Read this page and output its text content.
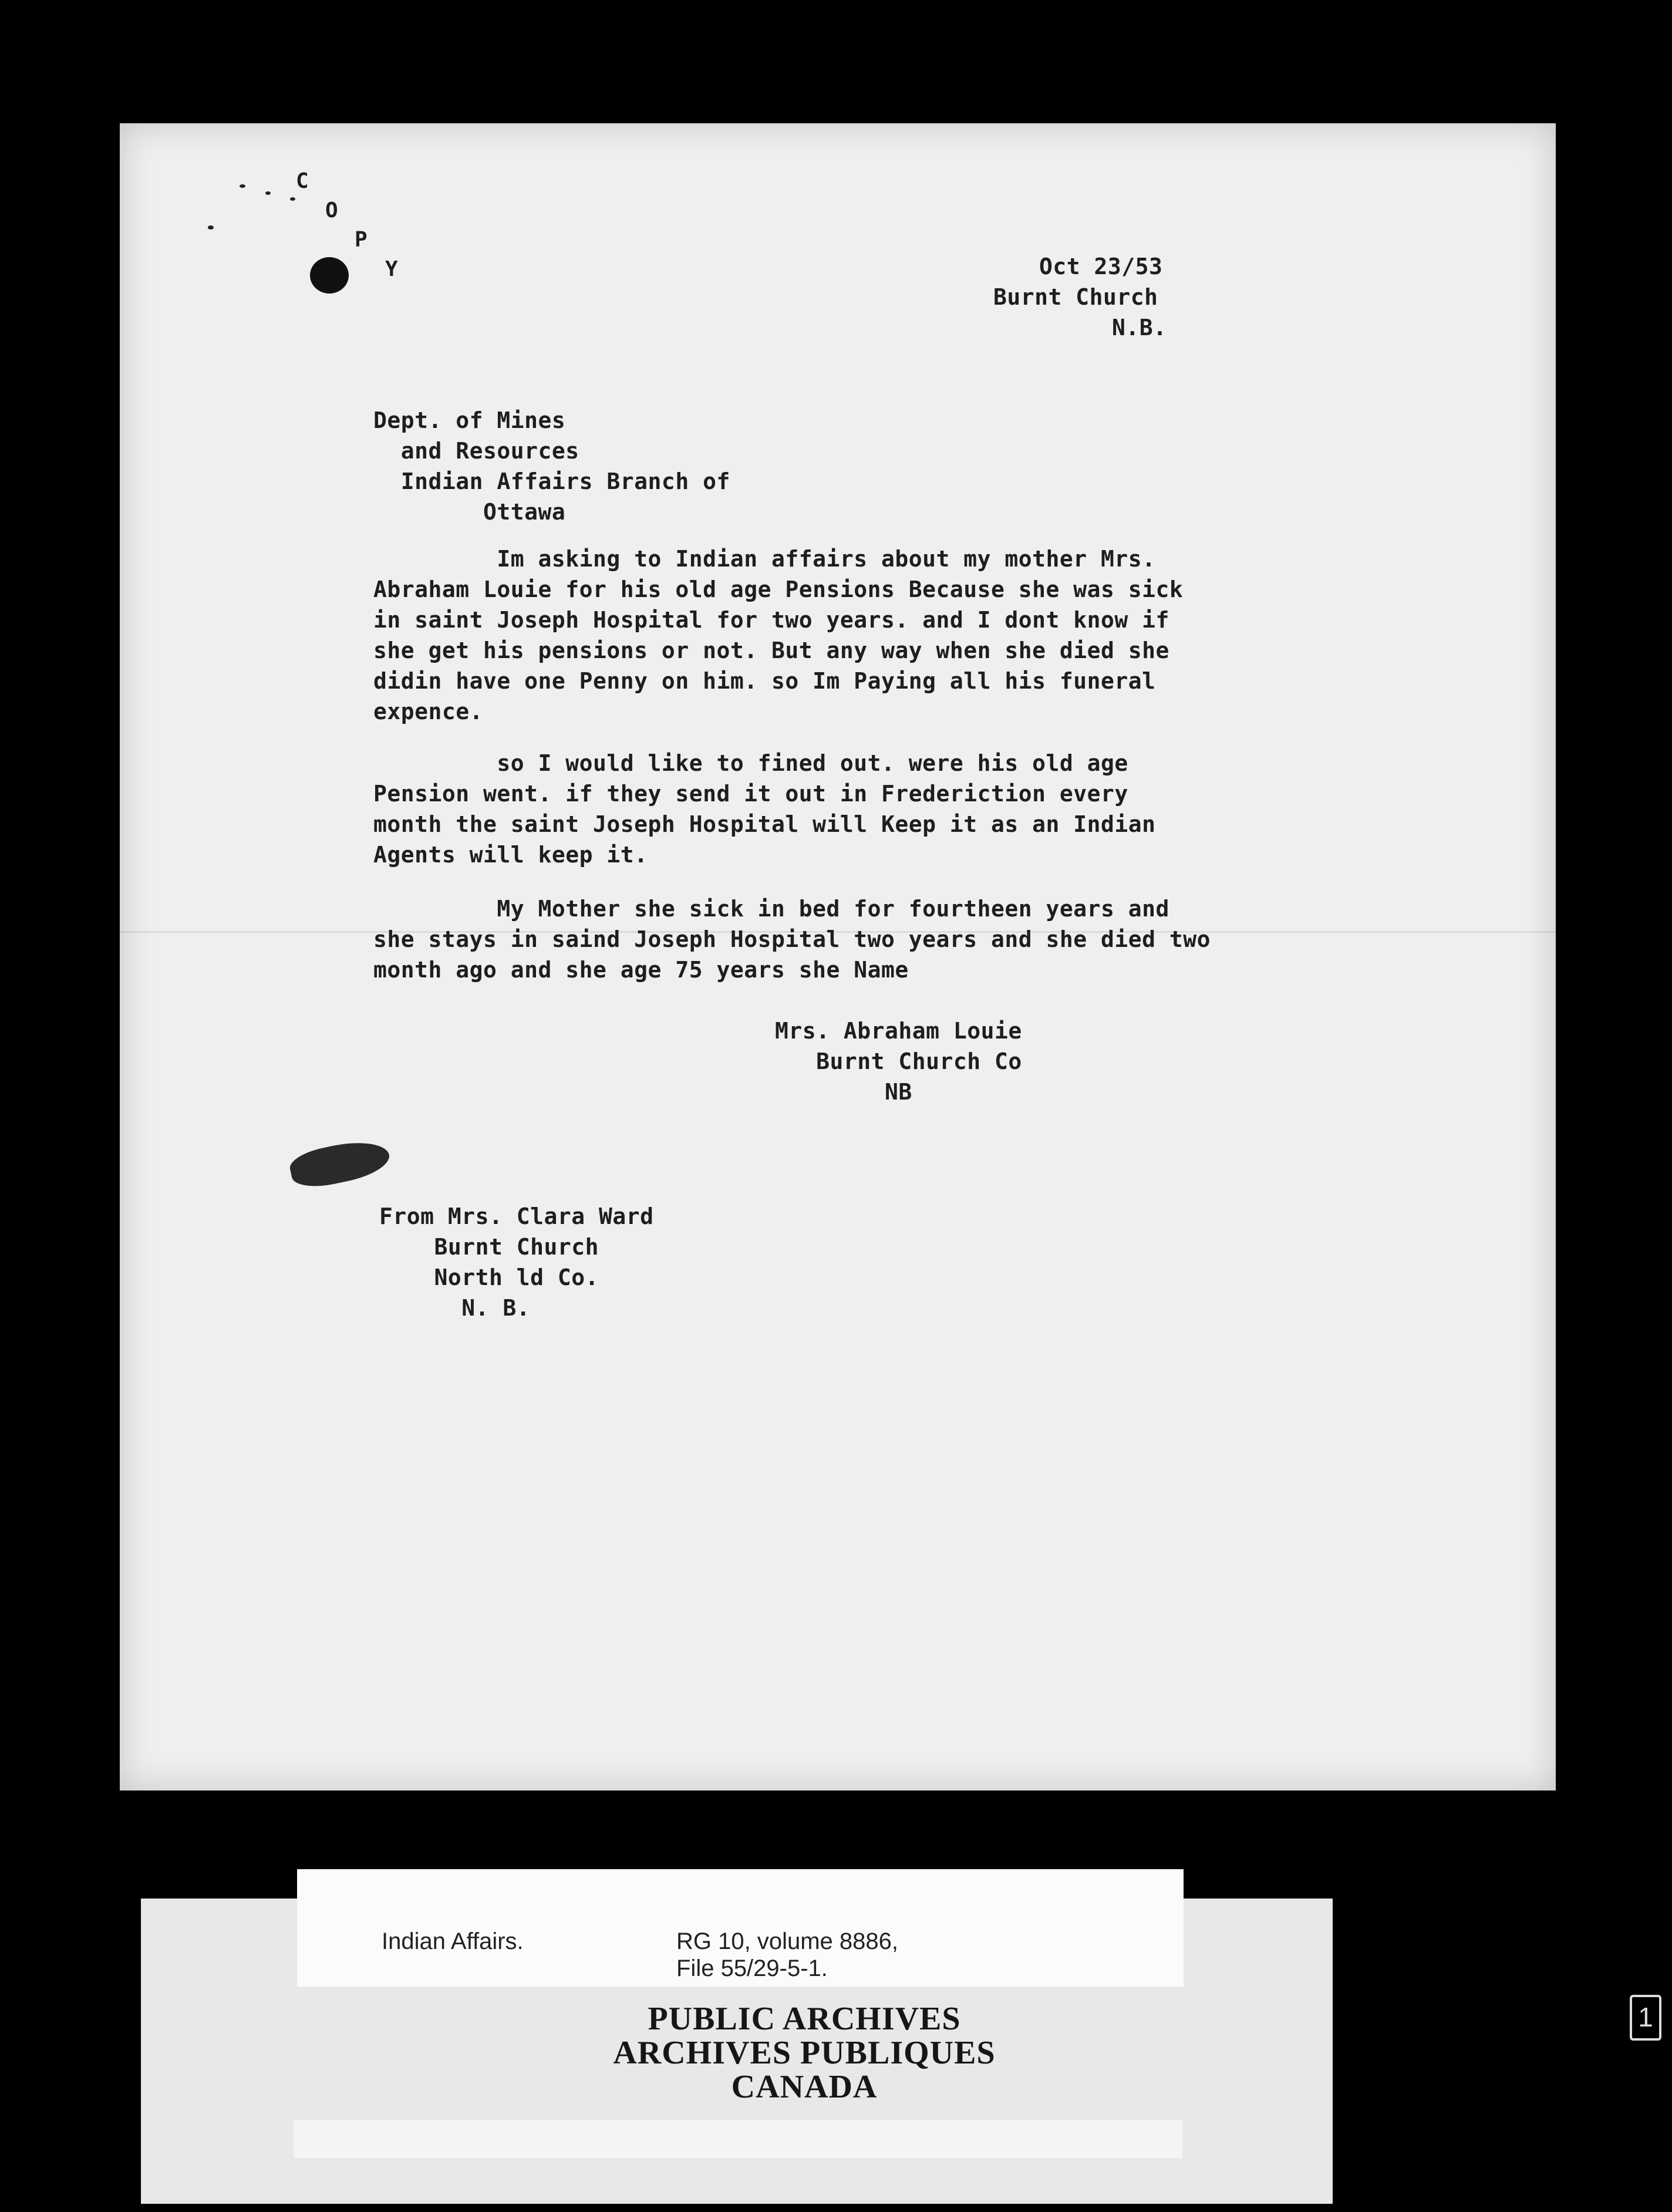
C
O
P
Y	Oct 23/53
Burnt Church
N.B.
Dept. of Mines
and Resources
Indian Affairs Branch of
Ottawa
Im asking to Indian affairs about my mother Mrs.
Abraham Louie for his old age Pensions Because she was sick
in saint Joseph Hospital for two years. and I dont know if
she get his pensions or not. But any way when she died she
didin have one Penny on him. so Im Paying all his funeral
expence.
so I would like to fined out. were his old age
Pension went. if they send it out in Frederiction every
month the saint Joseph Hospital will Keep it as an Indian
Agents will keep it.
My Mother she sick in bed for fourtheen years and
she stays in saind Joseph Hospital two years and she died two
month ago and she age 75 years she Name
Mrs. Abraham Louie
Burnt Church Co
NB
From Mrs. Clara Ward
Burnt Church
North ld Co.
N. B.
Indian Affairs.	RG 10, volume 8886,
File 55/29-5-1.
PUBLIC ARCHIVES
ARCHIVES PUBLIQUES
CANADA
1
